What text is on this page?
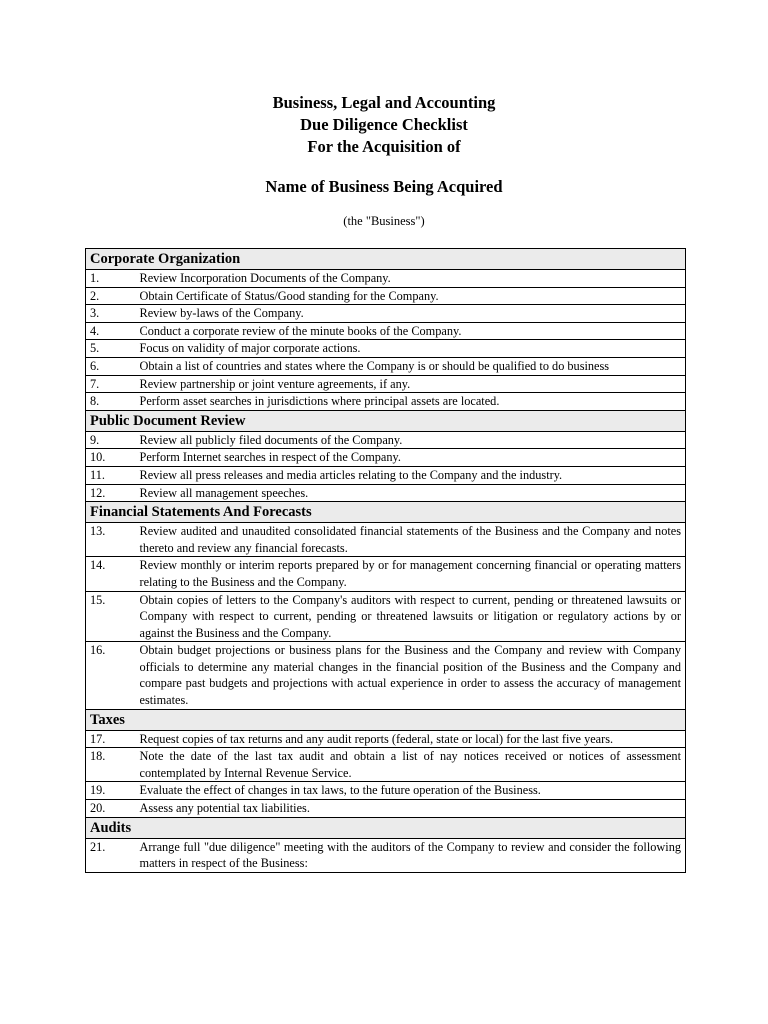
Business, Legal and Accounting
Due Diligence Checklist
For the Acquisition of
Name of Business Being Acquired
(the "Business")
Corporate Organization	
1.	Review Incorporation Documents of the Company.
2.	Obtain Certificate of Status/Good standing for the Company.
3.	Review by-laws of the Company.
4.	Conduct a corporate review of the minute books of the Company.
5.	Focus on validity of major corporate actions.
6.	Obtain a list of countries and states where the Company is or should be qualified to do business
7.	Review partnership or joint venture agreements, if any.
8.	Perform asset searches in jurisdictions where principal assets are located.
Public Document Review	
9.	Review all publicly filed documents of the Company.
10.	Perform Internet searches in respect of the Company.
11.	Review all press releases and media articles relating to the Company and the industry.
12.	Review all management speeches.
Financial Statements And Forecasts	
13.	Review audited and unaudited consolidated financial statements of the Business and the Company and notes thereto and review any financial forecasts.
14.	Review monthly or interim reports prepared by or for management concerning financial or operating matters relating to the Business and the Company.
15.	Obtain copies of letters to the Company's auditors with respect to current, pending or threatened lawsuits or Company with respect to current, pending or threatened lawsuits or litigation or regulatory actions by or against the Business and the Company.
16.	Obtain budget projections or business plans for the Business and the Company and review with Company officials to determine any material changes in the financial position of the Business and the Company and compare past budgets and projections with actual experience in order to assess the accuracy of management estimates.
Taxes	
17.	Request copies of tax returns and any audit reports (federal, state or local) for the last five years.
18.	Note the date of the last tax audit and obtain a list of nay notices received or notices of assessment contemplated by Internal Revenue Service.
19.	Evaluate the effect of changes in tax laws, to the future operation of the Business.
20.	Assess any potential tax liabilities.
Audits	
21.	Arrange full "due diligence" meeting with the auditors of the Company to review and consider the following matters in respect of the Business:
